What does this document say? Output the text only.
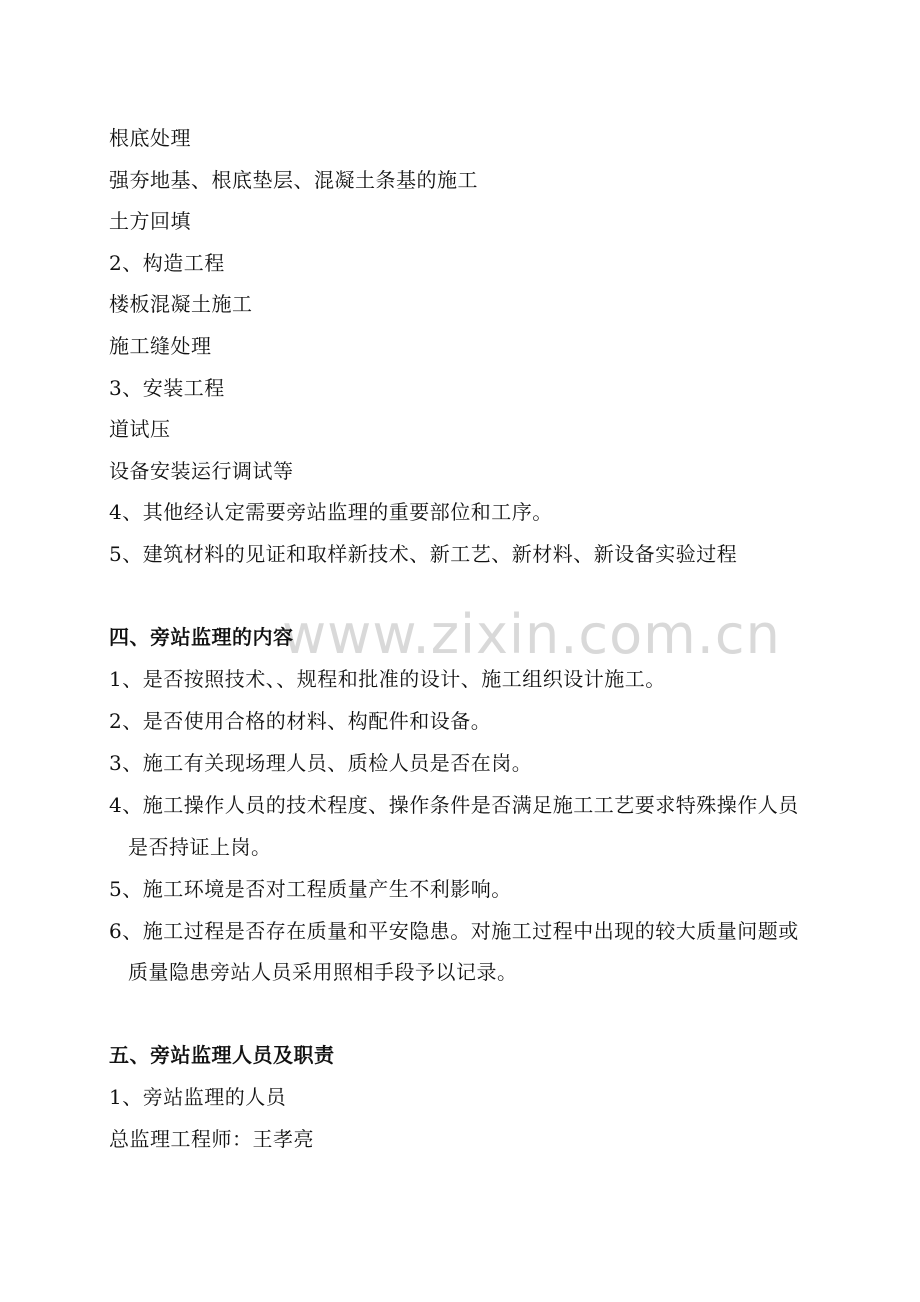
www.zixin.com.cn
根底处理
强夯地基、根底垫层、混凝土条基的施工
土方回填
2、构造工程
楼板混凝土施工
施工缝处理
3、安装工程
道试压
设备安装运行调试等
4、其他经认定需要旁站监理的重要部位和工序。
5、建筑材料的见证和取样新技术、新工艺、新材料、新设备实验过程
四、旁站监理的内容
1、是否按照技术、、规程和批准的设计、施工组织设计施工。
2、是否使用合格的材料、构配件和设备。
3、施工有关现场理人员、质检人员是否在岗。
4、施工操作人员的技术程度、操作条件是否满足施工工艺要求特殊操作人员
是否持证上岗。
5、施工环境是否对工程质量产生不利影响。
6、施工过程是否存在质量和平安隐患。对施工过程中出现的较大质量问题或
质量隐患旁站人员采用照相手段予以记录。
五、旁站监理人员及职责
1、旁站监理的人员
总监理工程师：王孝亮
